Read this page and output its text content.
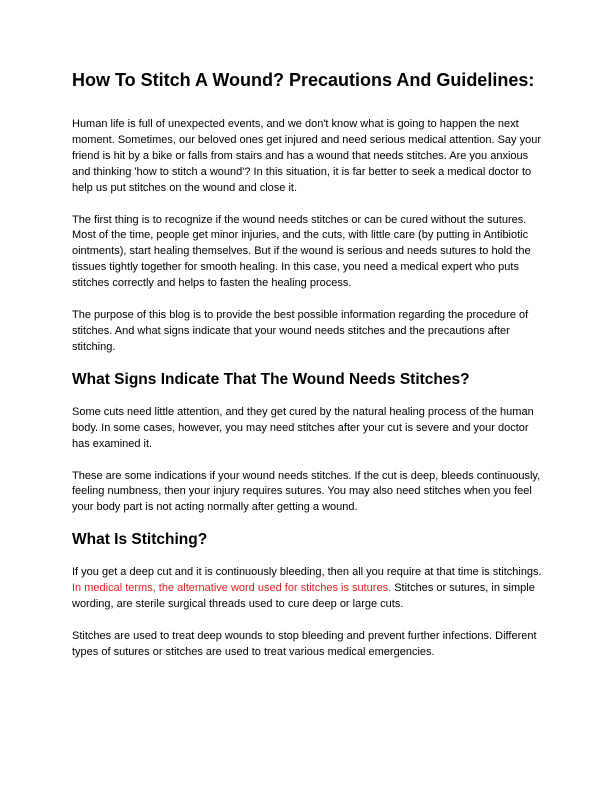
How To Stitch A Wound? Precautions And Guidelines:

Human life is full of unexpected events, and we don't know what is going to happen the next moment. Sometimes, our beloved ones get injured and need serious medical attention. Say your friend is hit by a bike or falls from stairs and has a wound that needs stitches. Are you anxious and thinking 'how to stitch a wound'? In this situation, it is far better to seek a medical doctor to help us put stitches on the wound and close it.

The first thing is to recognize if the wound needs stitches or can be cured without the sutures. Most of the time, people get minor injuries, and the cuts, with little care (by putting in Antibiotic ointments), start healing themselves. But if the wound is serious and needs sutures to hold the tissues tightly together for smooth healing. In this case, you need a medical expert who puts stitches correctly and helps to fasten the healing process.

The purpose of this blog is to provide the best possible information regarding the procedure of stitches. And what signs indicate that your wound needs stitches and the precautions after stitching.

What Signs Indicate That The Wound Needs Stitches?

Some cuts need little attention, and they get cured by the natural healing process of the human body. In some cases, however, you may need stitches after your cut is severe and your doctor has examined it.

These are some indications if your wound needs stitches. If the cut is deep, bleeds continuously, feeling numbness, then your injury requires sutures. You may also need stitches when you feel your body part is not acting normally after getting a wound.

What Is Stitching?

If you get a deep cut and it is continuously bleeding, then all you require at that time is stitchings. In medical terms, the alternative word used for stitches is sutures. Stitches or sutures, in simple wording, are sterile surgical threads used to cure deep or large cuts.

Stitches are used to treat deep wounds to stop bleeding and prevent further infections. Different types of sutures or stitches are used to treat various medical emergencies.
